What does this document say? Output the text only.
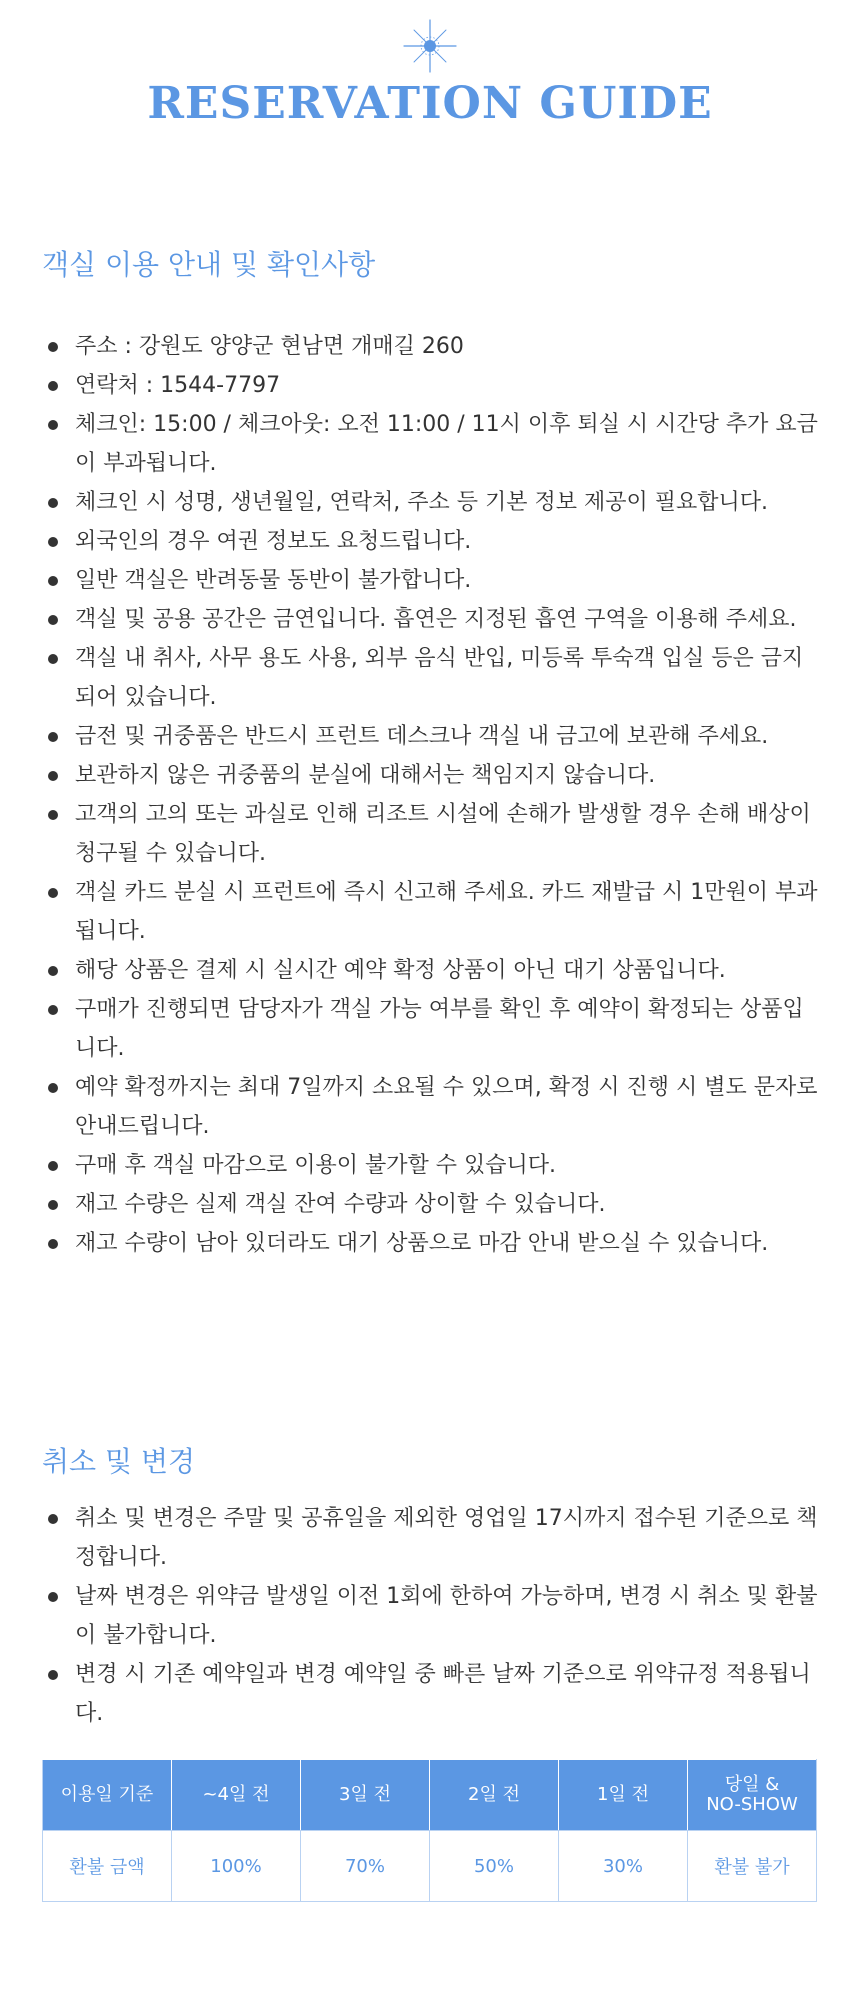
RESERVATION GUIDE
객실 이용 안내 및 확인사항
주소 : 강원도 양양군 현남면 개매길 260
연락처 : 1544-7797
체크인: 15:00 / 체크아웃: 오전 11:00 / 11시 이후 퇴실 시 시간당 추가 요금이 부과됩니다.
체크인 시 성명, 생년월일, 연락처, 주소 등 기본 정보 제공이 필요합니다.
외국인의 경우 여권 정보도 요청드립니다.
일반 객실은 반려동물 동반이 불가합니다.
객실 및 공용 공간은 금연입니다. 흡연은 지정된 흡연 구역을 이용해 주세요.
객실 내 취사, 사무 용도 사용, 외부 음식 반입, 미등록 투숙객 입실 등은 금지되어 있습니다.
금전 및 귀중품은 반드시 프런트 데스크나 객실 내 금고에 보관해 주세요.
보관하지 않은 귀중품의 분실에 대해서는 책임지지 않습니다.
고객의 고의 또는 과실로 인해 리조트 시설에 손해가 발생할 경우 손해 배상이 청구될 수 있습니다.
객실 카드 분실 시 프런트에 즉시 신고해 주세요. 카드 재발급 시 1만원이 부과됩니다.
해당 상품은 결제 시 실시간 예약 확정 상품이 아닌 대기 상품입니다.
구매가 진행되면 담당자가 객실 가능 여부를 확인 후 예약이 확정되는 상품입니다.
예약 확정까지는 최대 7일까지 소요될 수 있으며, 확정 시 진행 시 별도 문자로 안내드립니다.
구매 후 객실 마감으로 이용이 불가할 수 있습니다.
재고 수량은 실제 객실 잔여 수량과 상이할 수 있습니다.
재고 수량이 남아 있더라도 대기 상품으로 마감 안내 받으실 수 있습니다.
취소 및 변경
취소 및 변경은 주말 및 공휴일을 제외한 영업일 17시까지 접수된 기준으로 책정합니다.
날짜 변경은 위약금 발생일 이전 1회에 한하여 가능하며, 변경 시 취소 및 환불이 불가합니다.
변경 시 기존 예약일과 변경 예약일 중 빠른 날짜 기준으로 위약규정 적용됩니다.
이용일 기준	~4일 전	3일 전	2일 전	1일 전	당일 &
NO-SHOW
환불 금액	100%	70%	50%	30%	환불 불가
